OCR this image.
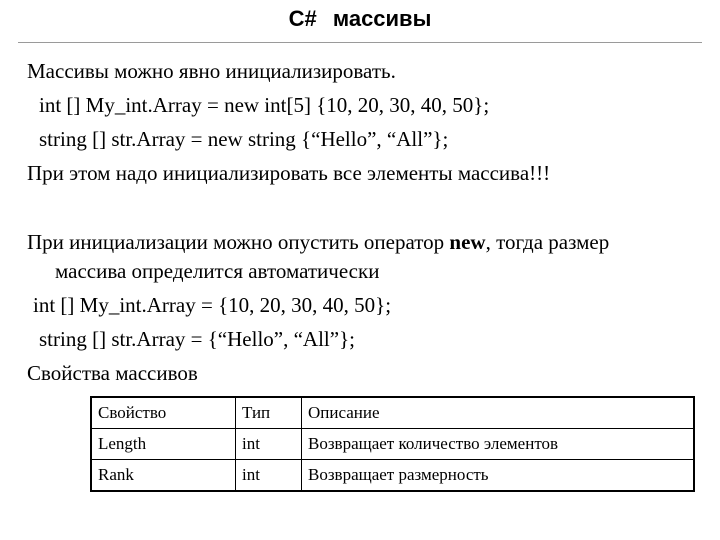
C# массивы
Массивы можно явно инициализировать.
int [] My_int.Array = new int[5] {10, 20, 30, 40, 50};
string [] str.Array = new string {“Hello”, “All”};
При этом надо инициализировать все элементы массива!!!
При инициализации можно опустить оператор new, тогда размер
массива определится автоматически
int [] My_int.Array = {10, 20, 30, 40, 50};
string [] str.Array = {“Hello”, “All”};
Свойства массивов
Свойство	Тип	Описание
Length	int	Возвращает количество элементов
Rank	int	Возвращает размерность
